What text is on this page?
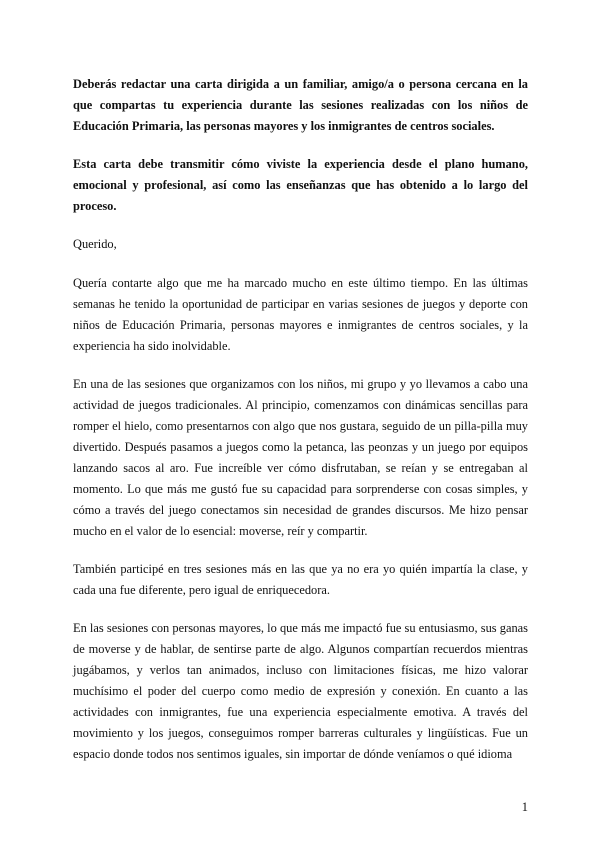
Deberás redactar una carta dirigida a un familiar, amigo/a o persona cercana en la que compartas tu experiencia durante las sesiones realizadas con los niños de Educación Primaria, las personas mayores y los inmigrantes de centros sociales.

Esta carta debe transmitir cómo viviste la experiencia desde el plano humano, emocional y profesional, así como las enseñanzas que has obtenido a lo largo del proceso.

Querido,

Quería contarte algo que me ha marcado mucho en este último tiempo. En las últimas semanas he tenido la oportunidad de participar en varias sesiones de juegos y deporte con niños de Educación Primaria, personas mayores e inmigrantes de centros sociales, y la experiencia ha sido inolvidable.

En una de las sesiones que organizamos con los niños, mi grupo y yo llevamos a cabo una actividad de juegos tradicionales. Al principio, comenzamos con dinámicas sencillas para romper el hielo, como presentarnos con algo que nos gustara, seguido de un pilla-pilla muy divertido. Después pasamos a juegos como la petanca, las peonzas y un juego por equipos lanzando sacos al aro. Fue increíble ver cómo disfrutaban, se reían y se entregaban al momento. Lo que más me gustó fue su capacidad para sorprenderse con cosas simples, y cómo a través del juego conectamos sin necesidad de grandes discursos. Me hizo pensar mucho en el valor de lo esencial: moverse, reír y compartir.

También participé en tres sesiones más en las que ya no era yo quién impartía la clase, y cada una fue diferente, pero igual de enriquecedora.

En las sesiones con personas mayores, lo que más me impactó fue su entusiasmo, sus ganas de moverse y de hablar, de sentirse parte de algo. Algunos compartían recuerdos mientras jugábamos, y verlos tan animados, incluso con limitaciones físicas, me hizo valorar muchísimo el poder del cuerpo como medio de expresión y conexión. En cuanto a las actividades con inmigrantes, fue una experiencia especialmente emotiva. A través del movimiento y los juegos, conseguimos romper barreras culturales y lingüísticas. Fue un espacio donde todos nos sentimos iguales, sin importar de dónde veníamos o qué idioma

1
